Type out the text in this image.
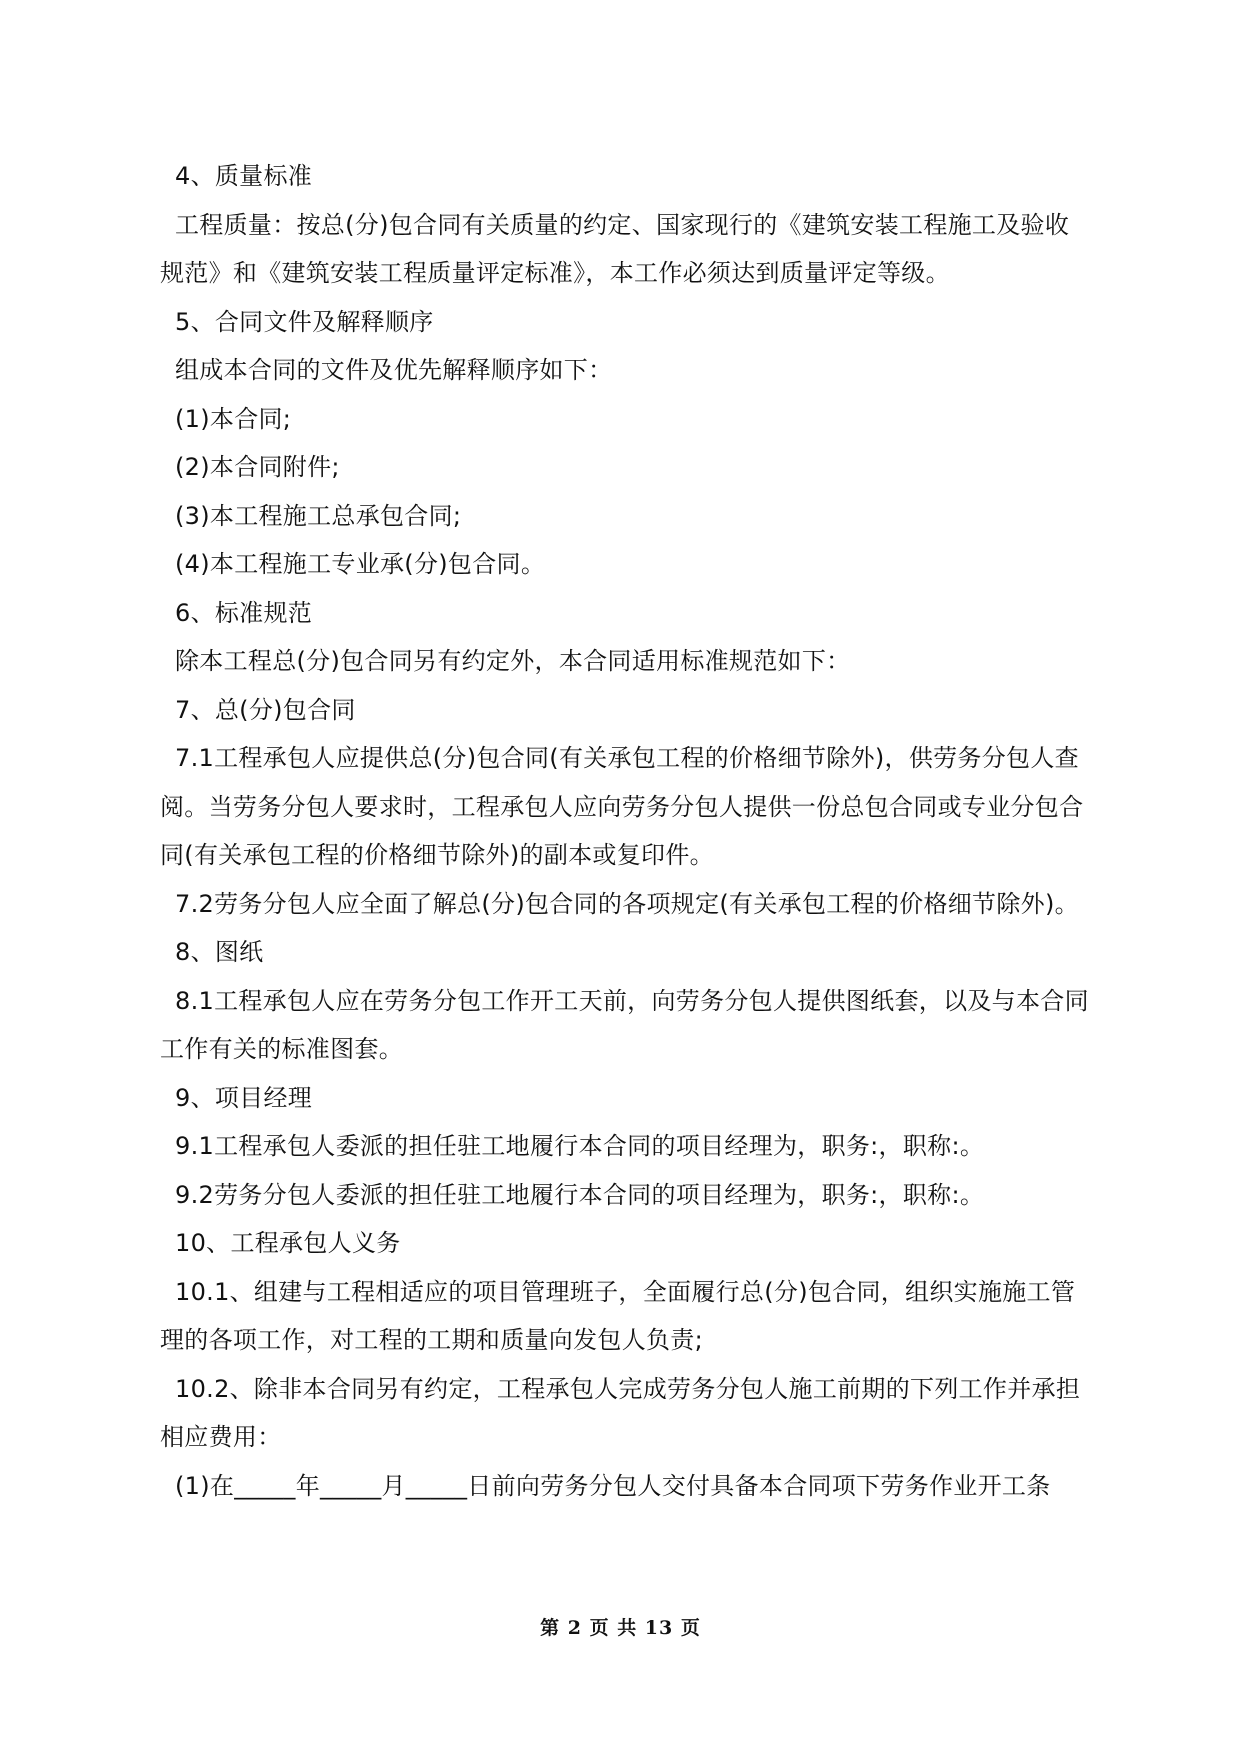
4、质量标准

工程质量：按总(分)包合同有关质量的约定、国家现行的《建筑安装工程施工及验收规范》和《建筑安装工程质量评定标准》，本工作必须达到质量评定等级。

5、合同文件及解释顺序

组成本合同的文件及优先解释顺序如下：

(1)本合同;

(2)本合同附件;

(3)本工程施工总承包合同;

(4)本工程施工专业承(分)包合同。

6、标准规范

除本工程总(分)包合同另有约定外，本合同适用标准规范如下：

7、总(分)包合同

7.1工程承包人应提供总(分)包合同(有关承包工程的价格细节除外)，供劳务分包人查阅。当劳务分包人要求时，工程承包人应向劳务分包人提供一份总包合同或专业分包合同(有关承包工程的价格细节除外)的副本或复印件。

7.2劳务分包人应全面了解总(分)包合同的各项规定(有关承包工程的价格细节除外)。

8、图纸

8.1工程承包人应在劳务分包工作开工天前，向劳务分包人提供图纸套，以及与本合同工作有关的标准图套。

9、项目经理

9.1工程承包人委派的担任驻工地履行本合同的项目经理为，职务:，职称:。

9.2劳务分包人委派的担任驻工地履行本合同的项目经理为，职务:，职称:。

10、工程承包人义务

10.1、组建与工程相适应的项目管理班子，全面履行总(分)包合同，组织实施施工管理的各项工作，对工程的工期和质量向发包人负责;

10.2、除非本合同另有约定，工程承包人完成劳务分包人施工前期的下列工作并承担相应费用：

(1)在_____年_____月_____日前向劳务分包人交付具备本合同项下劳务作业开工条

第 2 页 共 13 页
